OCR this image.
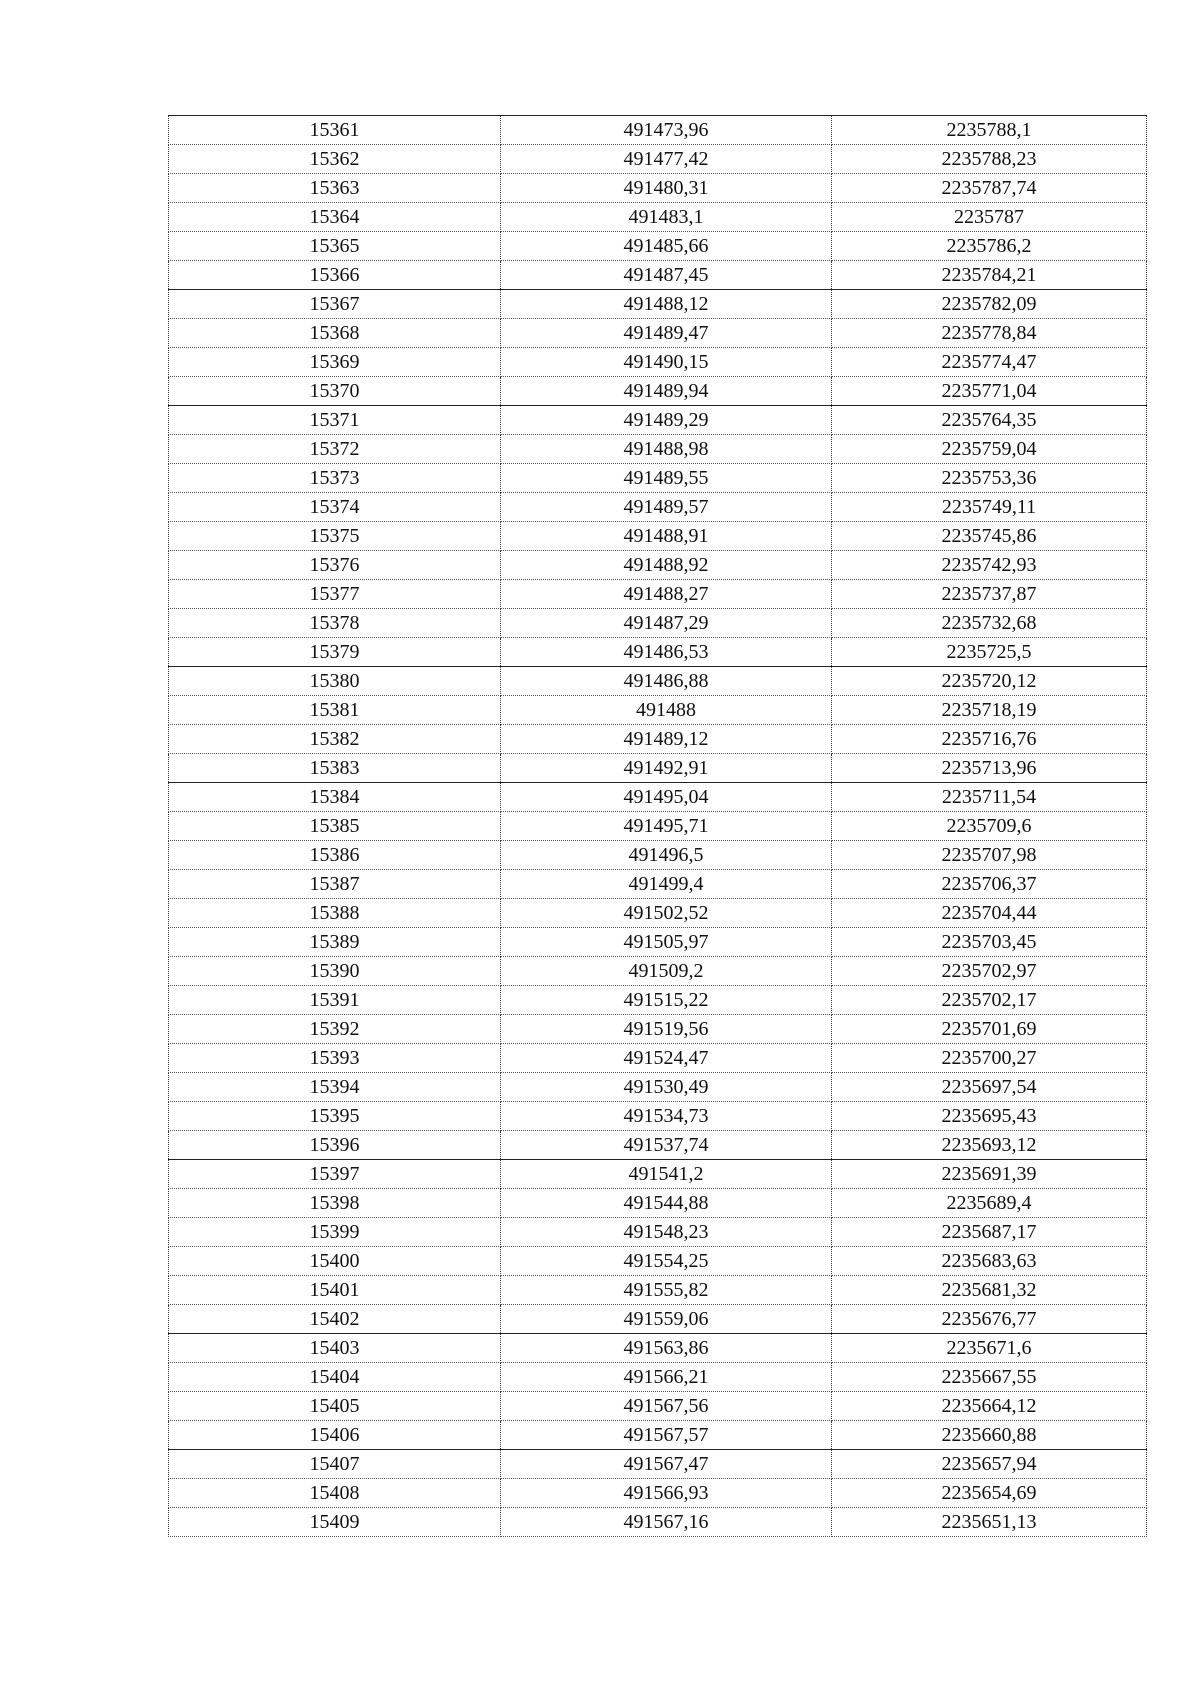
15361	491473,96	2235788,1
15362	491477,42	2235788,23
15363	491480,31	2235787,74
15364	491483,1	2235787
15365	491485,66	2235786,2
15366	491487,45	2235784,21
15367	491488,12	2235782,09
15368	491489,47	2235778,84
15369	491490,15	2235774,47
15370	491489,94	2235771,04
15371	491489,29	2235764,35
15372	491488,98	2235759,04
15373	491489,55	2235753,36
15374	491489,57	2235749,11
15375	491488,91	2235745,86
15376	491488,92	2235742,93
15377	491488,27	2235737,87
15378	491487,29	2235732,68
15379	491486,53	2235725,5
15380	491486,88	2235720,12
15381	491488	2235718,19
15382	491489,12	2235716,76
15383	491492,91	2235713,96
15384	491495,04	2235711,54
15385	491495,71	2235709,6
15386	491496,5	2235707,98
15387	491499,4	2235706,37
15388	491502,52	2235704,44
15389	491505,97	2235703,45
15390	491509,2	2235702,97
15391	491515,22	2235702,17
15392	491519,56	2235701,69
15393	491524,47	2235700,27
15394	491530,49	2235697,54
15395	491534,73	2235695,43
15396	491537,74	2235693,12
15397	491541,2	2235691,39
15398	491544,88	2235689,4
15399	491548,23	2235687,17
15400	491554,25	2235683,63
15401	491555,82	2235681,32
15402	491559,06	2235676,77
15403	491563,86	2235671,6
15404	491566,21	2235667,55
15405	491567,56	2235664,12
15406	491567,57	2235660,88
15407	491567,47	2235657,94
15408	491566,93	2235654,69
15409	491567,16	2235651,13
